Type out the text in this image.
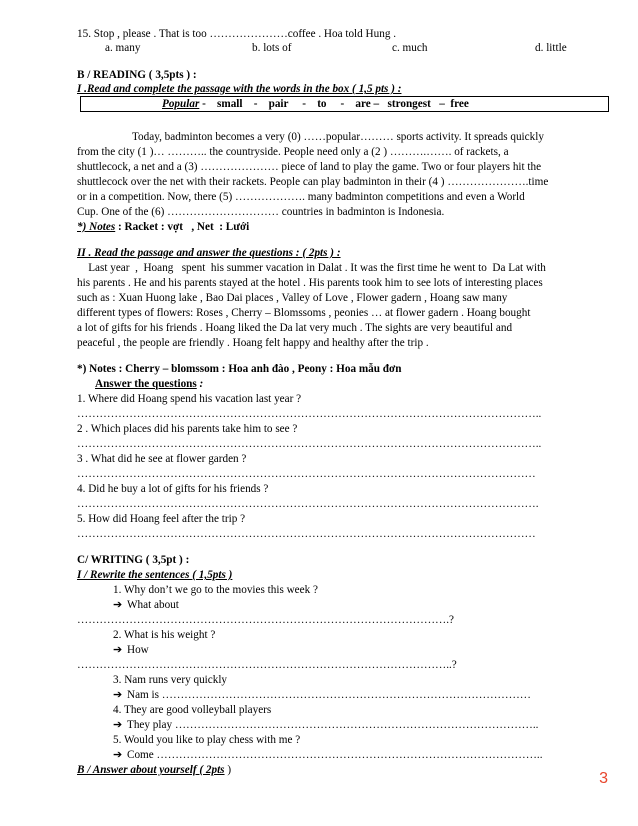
15. Stop , please . That is too …………………coffee . Hoa told Hung .
a. many	b. lots of	c. much	d. little
B / READING ( 3,5pts ) :
I .Read and complete the passage with the words in the box ( 1,5 pts ) :
Popular -    small    -    pair     -    to     -    are –   strongest   –  free
Today, badminton becomes a very (0) ……popular……… sports activity. It spreads quickly
from the city (1 )… ……….. the countryside. People need only a (2 ) ……….……. of rackets, a
shuttlecock, a net and a (3) ………………… piece of land to play the game. Two or four players hit the
shuttlecock over the net with their rackets. People can play badminton in their (4 ) ………………….time
or in a competition. Now, there (5) ………………. many badminton competitions and even a World
Cup. One of the (6) ………………………… countries in badminton is Indonesia.
*) Notes : Racket : vợt   , Net  : Lưới
II . Read the passage and answer the questions : ( 2pts ) :
Last year  ,  Hoang   spent  his summer vacation in Dalat . It was the first time he went to  Da Lat with
his parents . He and his parents stayed at the hotel . His parents took him to see lots of interesting places
such as : Xuan Huong lake , Bao Dai places , Valley of Love , Flower gadern , Hoang saw many
different types of flowers: Roses , Cherry – Blomssoms , peonies … at flower gadern . Hoang bought
a lot of gifts for his friends . Hoang liked the Da lat very much . The sights are very beautiful and
peaceful , the people are friendly . Hoang felt happy and healthy after the trip .
*) Notes : Cherry – blomssom : Hoa anh đào , Peony : Hoa mẫu đơn
Answer the questions :
1. Where did Hoang spend his vacation last year ?
……………………………………………………………………………………………………………..
2 . Which places did his parents take him to see ?
……………………………………………………………………………………………………………..
3 . What did he see at flower garden ?
……………………………………………………………………………………………………………
4. Did he buy a lot of gifts for his friends ?
…………………………………………………………………………………………………………….
5. How did Hoang feel after the trip ?
……………………………………………………………………………………………………………
C/ WRITING ( 3,5pt ) :
I / Rewrite the sentences ( 1,5pts )
1. Why don’t we go to the movies this week ?
➔ What about
……………………………………………………………………………………….?
2. What is his weight ?
➔ How
………………………………………………………………………………………..?
3. Nam runs very quickly
➔ Nam is ………………………………………………………………………………………
4. They are good volleyball players
➔ They play ……………………………………………………………………………………..
5. Would you like to play chess with me ?
➔ Come …………………………………………………………………………………………..
B / Answer about yourself ( 2pts )	3
